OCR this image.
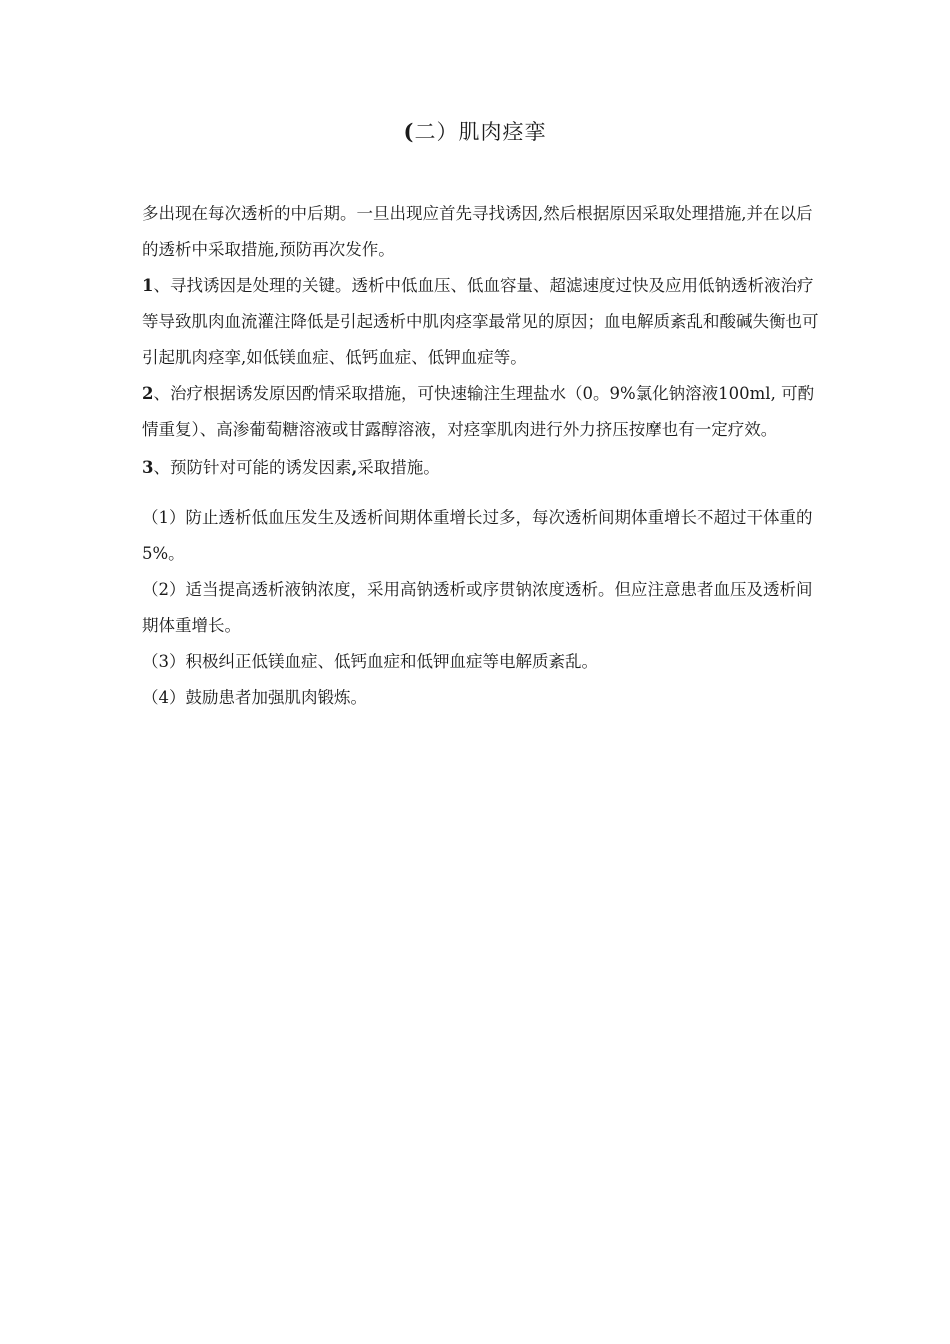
(二）肌肉痉挛

多出现在每次透析的中后期。一旦出现应首先寻找诱因,然后根据原因采取处理措施,并在以后的透析中采取措施,预防再次发作。

1、寻找诱因是处理的关键。透析中低血压、低血容量、超滤速度过快及应用低钠透析液治疗等导致肌肉血流灌注降低是引起透析中肌肉痉挛最常见的原因；血电解质紊乱和酸碱失衡也可引起肌肉痉挛,如低镁血症、低钙血症、低钾血症等。

2、治疗根据诱发原因酌情采取措施，可快速输注生理盐水（0。9%氯化钠溶液100ml, 可酌情重复）、高渗葡萄糖溶液或甘露醇溶液，对痉挛肌肉进行外力挤压按摩也有一定疗效。

3、预防针对可能的诱发因素,采取措施。

（1）防止透析低血压发生及透析间期体重增长过多，每次透析间期体重增长不超过干体重的5%。

（2）适当提高透析液钠浓度，采用高钠透析或序贯钠浓度透析。但应注意患者血压及透析间期体重增长。

（3）积极纠正低镁血症、低钙血症和低钾血症等电解质紊乱。

（4）鼓励患者加强肌肉锻炼。
